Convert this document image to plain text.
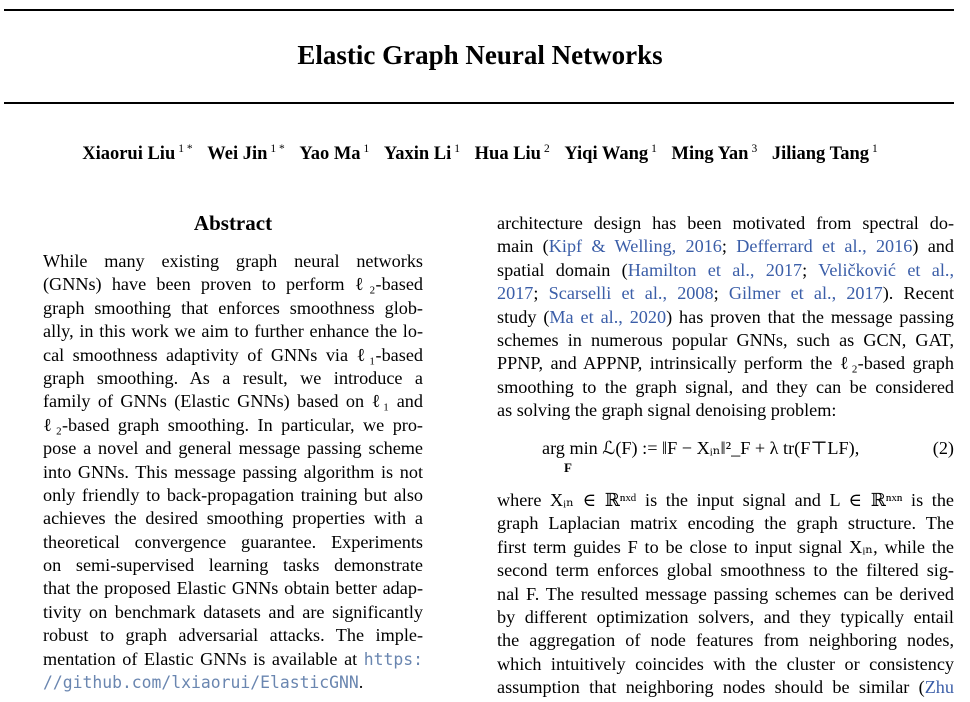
Elastic Graph Neural Networks
Xiaorui Liu $^{1 *}$ Wei Jin $^{1 *}$ Yao Ma $^1$ Yaxin Li $^1$ Hua Liu $^2$ Yiqi Wang $^1$ Ming Yan $^3$ Jiliang Tang $^1$
Abstract
While many existing graph neural networks
(GNNs) have been proven to perform ℓ₂-based
graph smoothing that enforces smoothness glob-
ally, in this work we aim to further enhance the lo-
cal smoothness adaptivity of GNNs via ℓ₁-based
graph smoothing. As a result, we introduce a
family of GNNs (Elastic GNNs) based on ℓ₁ and
ℓ₂-based graph smoothing. In particular, we pro-
pose a novel and general message passing scheme
into GNNs. This message passing algorithm is not
only friendly to back-propagation training but also
achieves the desired smoothing properties with a
theoretical convergence guarantee. Experiments
on semi-supervised learning tasks demonstrate
that the proposed Elastic GNNs obtain better adap-
tivity on benchmark datasets and are significantly
robust to graph adversarial attacks. The imple-
mentation of Elastic GNNs is available at https:
//github.com/lxiaorui/ElasticGNN.
architecture design has been motivated from spectral do-
main (Kipf & Welling, 2016; Defferrard et al., 2016) and
spatial domain (Hamilton et al., 2017; Veličković et al.,
2017; Scarselli et al., 2008; Gilmer et al., 2017). Recent
study (Ma et al., 2020) has proven that the message passing
schemes in numerous popular GNNs, such as GCN, GAT,
PPNP, and APPNP, intrinsically perform the ℓ₂-based graph
smoothing to the graph signal, and they can be considered
as solving the graph signal denoising problem:
arg min ℒ(F) := ‖F − Xᵢₙ‖²_F + λ tr(F⊤LF),
F
(2)
where Xᵢₙ ∈ ℝⁿˣᵈ is the input signal and L ∈ ℝⁿˣⁿ is the
graph Laplacian matrix encoding the graph structure. The
first term guides F to be close to input signal Xᵢₙ, while the
second term enforces global smoothness to the filtered sig-
nal F. The resulted message passing schemes can be derived
by different optimization solvers, and they typically entail
the aggregation of node features from neighboring nodes,
which intuitively coincides with the cluster or consistency
assumption that neighboring nodes should be similar (Zhu
